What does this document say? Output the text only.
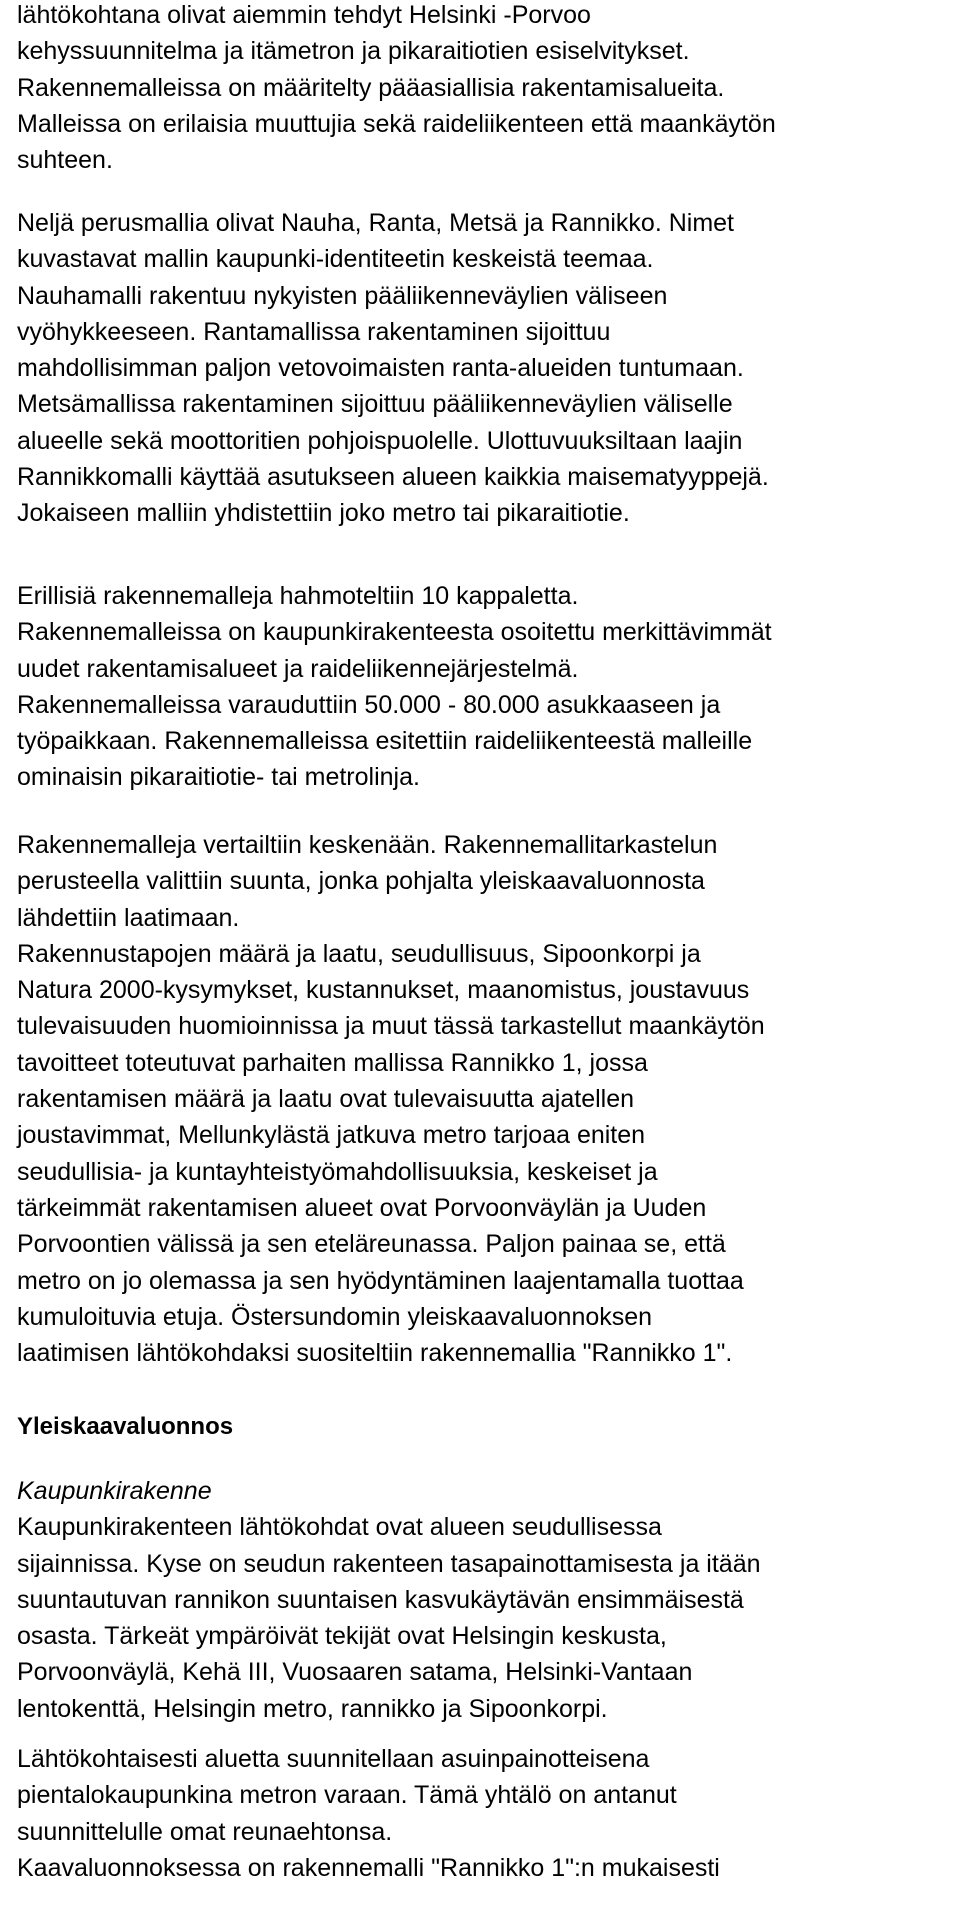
lähtökohtana olivat aiemmin tehdyt Helsinki -Porvoo
kehyssuunnitelma ja itämetron ja pikaraitiotien esiselvitykset.
Rakennemalleissa on määritelty pääasiallisia rakentamisalueita.
Malleissa on erilaisia muuttujia sekä raideliikenteen että maankäytön
suhteen.
Neljä perusmallia olivat Nauha, Ranta, Metsä ja Rannikko. Nimet
kuvastavat mallin kaupunki-identiteetin keskeistä teemaa.
Nauhamalli rakentuu nykyisten pääliikenneväylien väliseen
vyöhykkeeseen. Rantamallissa rakentaminen sijoittuu
mahdollisimman paljon vetovoimaisten ranta-alueiden tuntumaan.
Metsämallissa rakentaminen sijoittuu pääliikenneväylien väliselle
alueelle sekä moottoritien pohjoispuolelle. Ulottuvuuksiltaan laajin
Rannikkomalli käyttää asutukseen alueen kaikkia maisematyyppejä.
Jokaiseen malliin yhdistettiin joko metro tai pikaraitiotie.
Erillisiä rakennemalleja hahmoteltiin 10 kappaletta.
Rakennemalleissa on kaupunkirakenteesta osoitettu merkittävimmät
uudet rakentamisalueet ja raideliikennejärjestelmä.
Rakennemalleissa varauduttiin 50.000 - 80.000 asukkaaseen ja
työpaikkaan. Rakennemalleissa esitettiin raideliikenteestä malleille
ominaisin pikaraitiotie- tai metrolinja.
Rakennemalleja vertailtiin keskenään. Rakennemallitarkastelun
perusteella valittiin suunta, jonka pohjalta yleiskaavaluonnosta
lähdettiin laatimaan.
Rakennustapojen määrä ja laatu, seudullisuus, Sipoonkorpi ja
Natura 2000-kysymykset, kustannukset, maanomistus, joustavuus
tulevaisuuden huomioinnissa ja muut tässä tarkastellut maankäytön
tavoitteet toteutuvat parhaiten mallissa Rannikko 1, jossa
rakentamisen määrä ja laatu ovat tulevaisuutta ajatellen
joustavimmat, Mellunkylästä jatkuva metro tarjoaa eniten
seudullisia- ja kuntayhteistyömahdollisuuksia, keskeiset ja
tärkeimmät rakentamisen alueet ovat Porvoonväylän ja Uuden
Porvoontien välissä ja sen eteläreunassa. Paljon painaa se, että
metro on jo olemassa ja sen hyödyntäminen laajentamalla tuottaa
kumuloituvia etuja. Östersundomin yleiskaavaluonnoksen
laatimisen lähtökohdaksi suositeltiin rakennemallia "Rannikko 1".
Yleiskaavaluonnos
Kaupunkirakenne
Kaupunkirakenteen lähtökohdat ovat alueen seudullisessa
sijainnissa. Kyse on seudun rakenteen tasapainottamisesta ja itään
suuntautuvan rannikon suuntaisen kasvukäytävän ensimmäisestä
osasta. Tärkeät ympäröivät tekijät ovat Helsingin keskusta,
Porvoonväylä, Kehä III, Vuosaaren satama, Helsinki-Vantaan
lentokenttä, Helsingin metro, rannikko ja Sipoonkorpi.
Lähtökohtaisesti aluetta suunnitellaan asuinpainotteisena
pientalokaupunkina metron varaan. Tämä yhtälö on antanut
suunnittelulle omat reunaehtonsa.
Kaavaluonnoksessa on rakennemalli "Rannikko 1":n mukaisesti
